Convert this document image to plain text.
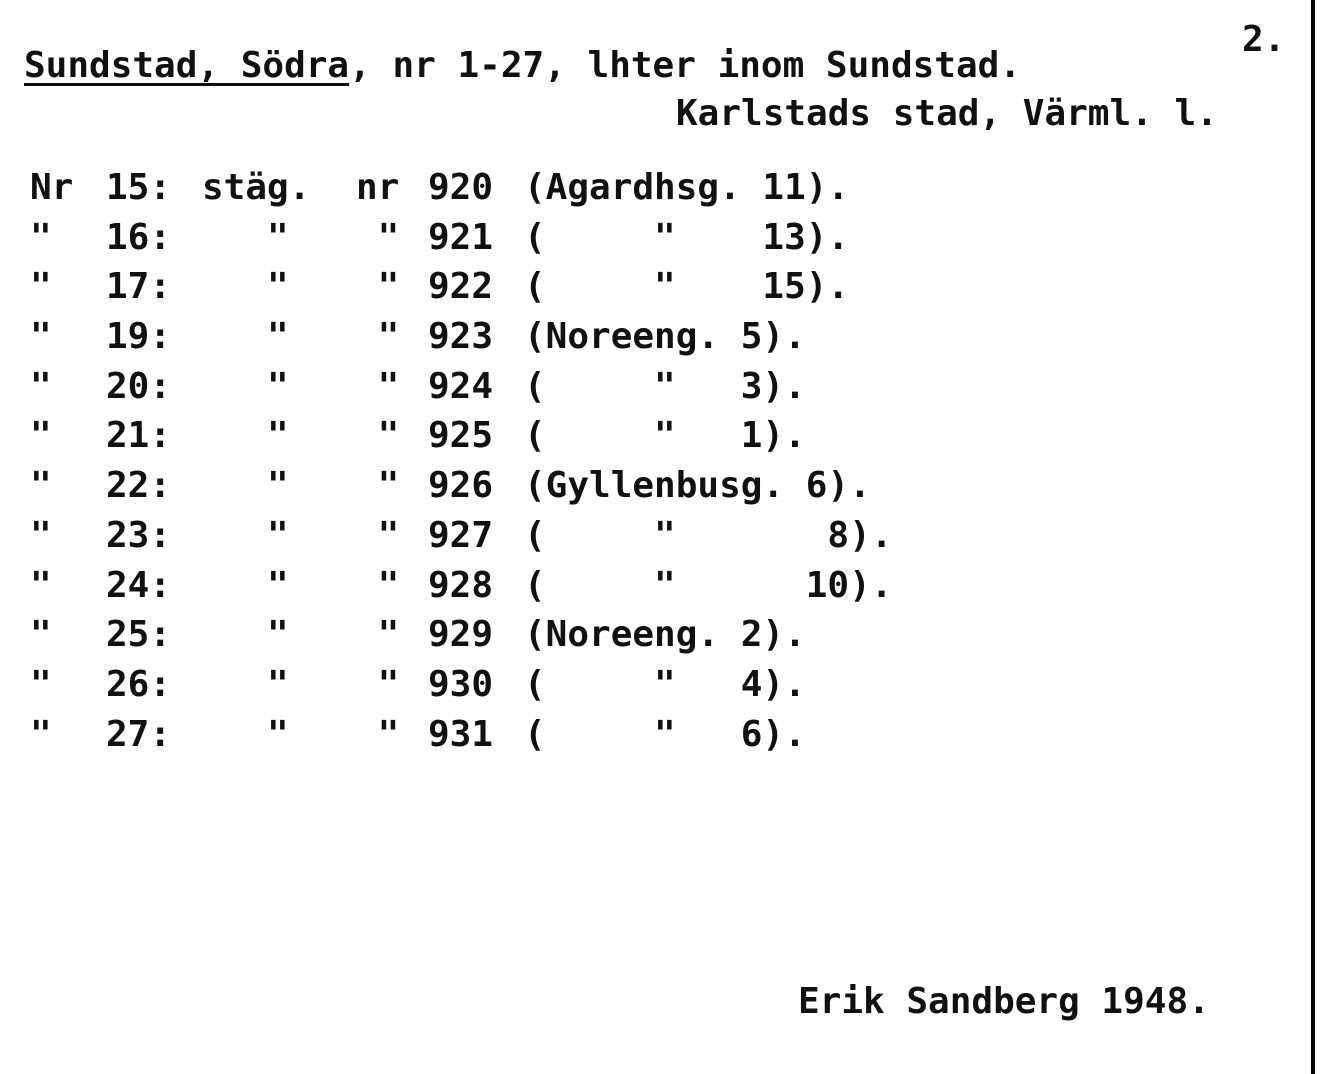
2.
Sundstad, Södra, nr 1-27, lhter inom Sundstad.
Karlstads stad, Värml. l.
Nr 15: stäg. nr 920 (Agardhsg. 11).
"	16: " " 921 (     "    13).
"	17: " " 922 (     "    15).
"	19: " " 923 (Noreeng. 5).
"	20: " " 924 (     "   3).
"	21: " " 925 (     "   1).
"	22: " " 926 (Gyllenbusg. 6).
"	23: " " 927 (     "       8).
"	24: " " 928 (     "      10).
"	25: " " 929 (Noreeng. 2).
"	26: " " 930 (     "   4).
"	27: " " 931 (     "   6).
Erik Sandberg 1948.
